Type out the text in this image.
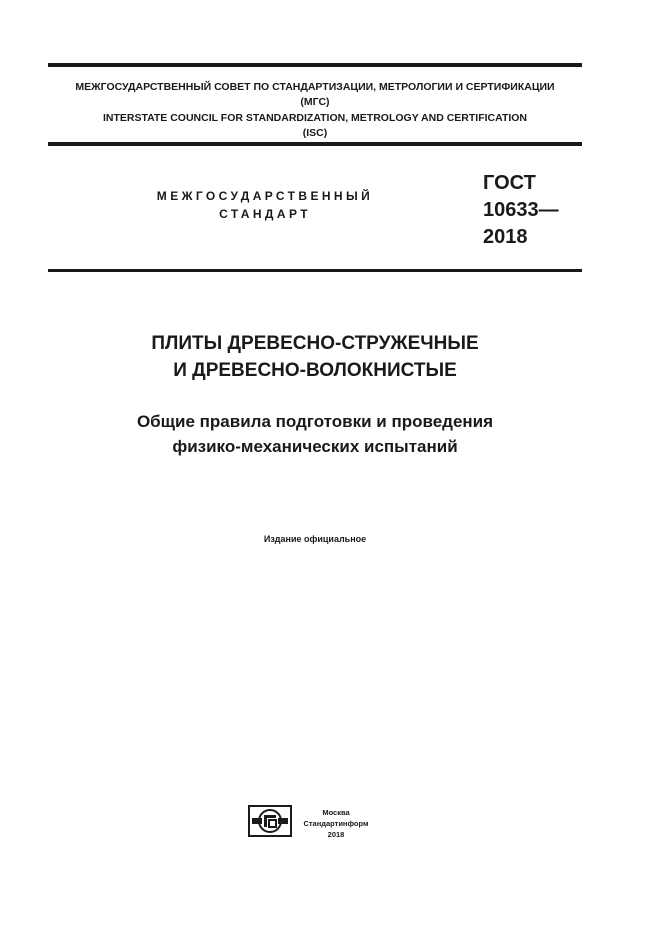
МЕЖГОСУДАРСТВЕННЫЙ СОВЕТ ПО СТАНДАРТИЗАЦИИ, МЕТРОЛОГИИ И СЕРТИФИКАЦИИ
(МГС)
INTERSTATE COUNCIL FOR STANDARDIZATION, METROLOGY AND CERTIFICATION
(ISC)
МЕЖГОСУДАРСТВЕННЫЙ
СТАНДАРТ
ГОСТ
10633—
2018
ПЛИТЫ ДРЕВЕСНО-СТРУЖЕЧНЫЕ
И ДРЕВЕСНО-ВОЛОКНИСТЫЕ
Общие правила подготовки и проведения
физико-механических испытаний
Издание официальное
Москва
Стандартинформ
2018
